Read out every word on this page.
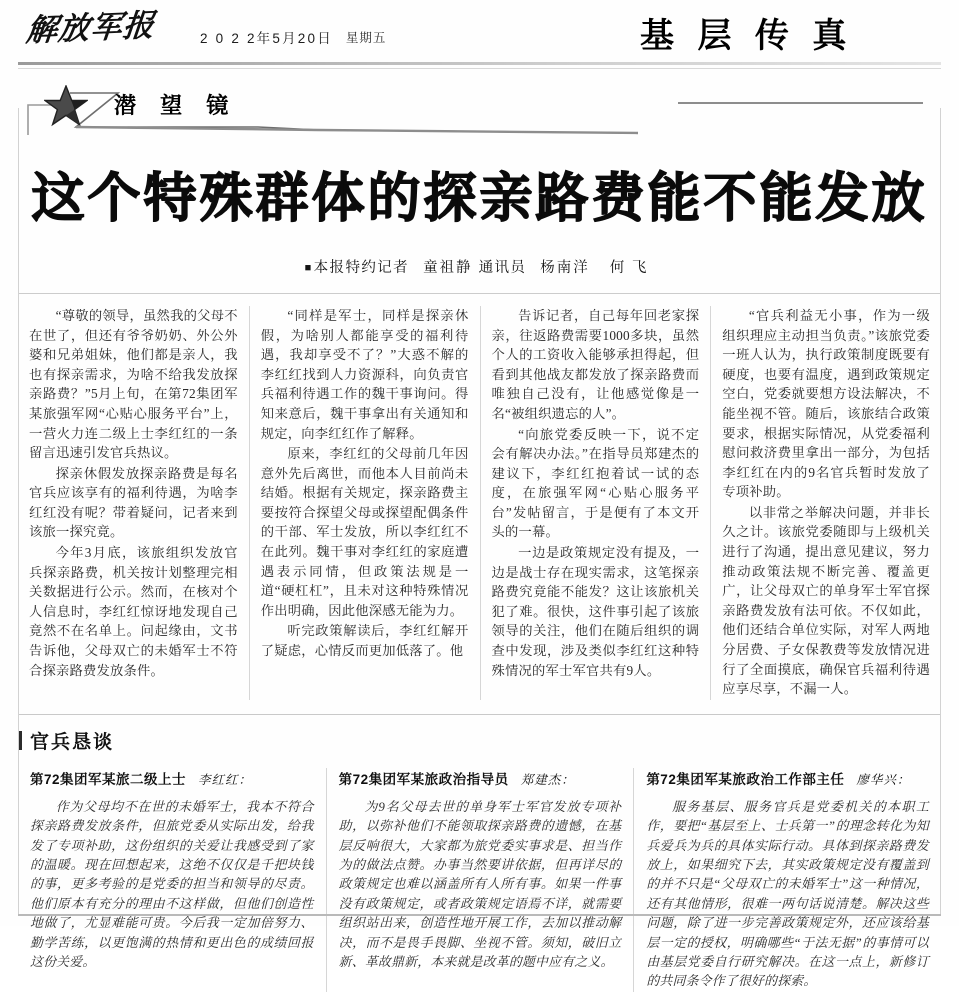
解放军报	2 0 2 2年5月20日 星期五	基 层 传 真
潜 望 镜
这个特殊群体的探亲路费能不能发放
■本报特约记者 童祖静 通讯员 杨南洋 何 飞

“尊敬的领导，虽然我的父母不在世了，但还有爷爷奶奶、外公外婆和兄弟姐妹，他们都是亲人，我也有探亲需求，为啥不给我发放探亲路费？”5月上旬，在第72集团军某旅强军网“心贴心服务平台”上，一营火力连二级上士李红红的一条留言迅速引发官兵热议。

探亲休假发放探亲路费是每名官兵应该享有的福利待遇，为啥李红红没有呢？带着疑问，记者来到该旅一探究竟。

今年3月底，该旅组织发放官兵探亲路费，机关按计划整理完相关数据进行公示。然而，在核对个人信息时，李红红惊讶地发现自己竟然不在名单上。问起缘由，文书告诉他，父母双亡的未婚军士不符合探亲路费发放条件。

“同样是军士，同样是探亲休假，为啥别人都能享受的福利待遇，我却享受不了？”大惑不解的李红红找到人力资源科，向负责官兵福利待遇工作的魏干事询问。得知来意后，魏干事拿出有关通知和规定，向李红红作了解释。

原来，李红红的父母前几年因意外先后离世，而他本人目前尚未结婚。根据有关规定，探亲路费主要按符合探望父母或探望配偶条件的干部、军士发放，所以李红红不在此列。魏干事对李红红的家庭遭遇表示同情，但政策法规是一道“硬杠杠”，且未对这种特殊情况作出明确，因此他深感无能为力。

听完政策解读后，李红红解开了疑虑，心情反而更加低落了。他

告诉记者，自己每年回老家探亲，往返路费需要1000多块，虽然个人的工资收入能够承担得起，但看到其他战友都发放了探亲路费而唯独自己没有，让他感觉像是一名“被组织遗忘的人”。

“向旅党委反映一下，说不定会有解决办法。”在指导员郑建杰的建议下，李红红抱着试一试的态度，在旅强军网“心贴心服务平台”发帖留言，于是便有了本文开头的一幕。

一边是政策规定没有提及，一边是战士存在现实需求，这笔探亲路费究竟能不能发？这让该旅机关犯了难。很快，这件事引起了该旅领导的关注，他们在随后组织的调查中发现，涉及类似李红红这种特殊情况的军士军官共有9人。

“官兵利益无小事，作为一级组织理应主动担当负责。”该旅党委一班人认为，执行政策制度既要有硬度，也要有温度，遇到政策规定空白，党委就要想方设法解决，不能坐视不管。随后，该旅结合政策要求，根据实际情况，从党委福利慰问救济费里拿出一部分，为包括李红红在内的9名官兵暂时发放了专项补助。

以非常之举解决问题，并非长久之计。该旅党委随即与上级机关进行了沟通，提出意见建议，努力推动政策法规不断完善、覆盖更广，让父母双亡的单身军士军官探亲路费发放有法可依。不仅如此，他们还结合单位实际，对军人两地分居费、子女保教费等发放情况进行了全面摸底，确保官兵福利待遇应享尽享，不漏一人。

官兵恳谈
第72集团军某旅二级上士 李红红：

作为父母均不在世的未婚军士，我本不符合探亲路费发放条件，但旅党委从实际出发，给我发了专项补助，这份组织的关爱让我感受到了家的温暖。现在回想起来，这绝不仅仅是千把块钱的事，更多考验的是党委的担当和领导的尽责。他们原本有充分的理由不这样做，但他们创造性地做了，尤显难能可贵。今后我一定加倍努力、勤学苦练，以更饱满的热情和更出色的成绩回报这份关爱。

第72集团军某旅政治指导员 郑建杰：

为9名父母去世的单身军士军官发放专项补助，以弥补他们不能领取探亲路费的遗憾，在基层反响很大，大家都为旅党委实事求是、担当作为的做法点赞。办事当然要讲依据，但再详尽的政策规定也难以涵盖所有人所有事。如果一件事没有政策规定，或者政策规定语焉不详，就需要组织站出来，创造性地开展工作，去加以推动解决，而不是畏手畏脚、坐视不管。须知，破旧立新、革故鼎新，本来就是改革的题中应有之义。

第72集团军某旅政治工作部主任 廖华兴：

服务基层、服务官兵是党委机关的本职工作，要把“基层至上、士兵第一”的理念转化为知兵爱兵为兵的具体实际行动。具体到探亲路费发放上，如果细究下去，其实政策规定没有覆盖到的并不只是“父母双亡的未婚军士”这一种情况，还有其他情形，很难一两句话说清楚。解决这些问题，除了进一步完善政策规定外，还应该给基层一定的授权，明确哪些“于法无据”的事情可以由基层党委自行研究解决。在这一点上，新修订的共同条令作了很好的探索。
